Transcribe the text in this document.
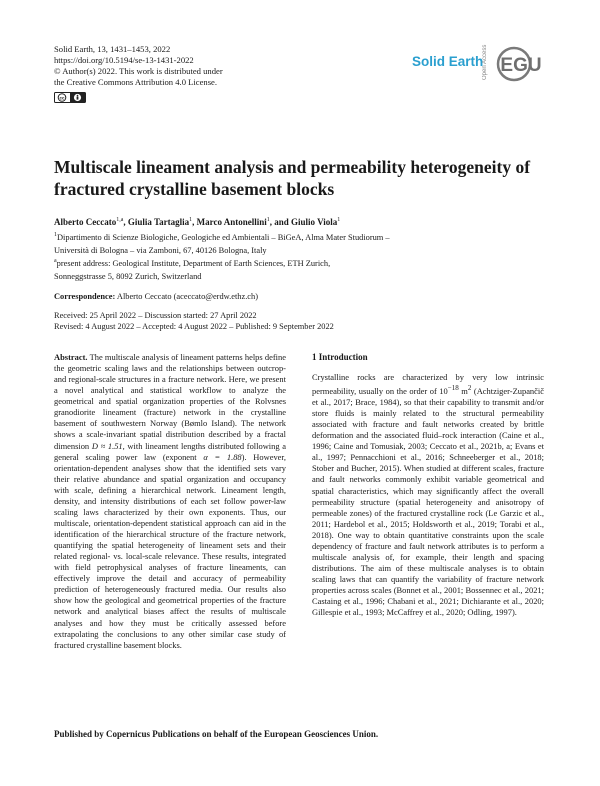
Solid Earth, 13, 1431–1453, 2022
https://doi.org/10.5194/se-13-1431-2022
© Author(s) 2022. This work is distributed under
the Creative Commons Attribution 4.0 License.
cc
Solid Earth
Open Access EGU
Multiscale lineament analysis and permeability heterogeneity of fractured crystalline basement blocks
Alberto Ceccato$^{1,a}$, Giulia Tartaglia$^1$, Marco Antonellini$^1$, and Giulio Viola$^1$
$^1$Dipartimento di Scienze Biologiche, Geologiche ed Ambientali – BiGeA, Alma Mater Studiorum –
Università di Bologna – via Zamboni, 67, 40126 Bologna, Italy
$^a$present address: Geological Institute, Department of Earth Sciences, ETH Zurich,
Sonneggstrasse 5, 8092 Zurich, Switzerland
Correspondence: Alberto Ceccato (aceccato@erdw.ethz.ch)
Received: 25 April 2022 – Discussion started: 27 April 2022
Revised: 4 August 2022 – Accepted: 4 August 2022 – Published: 9 September 2022

Abstract. The multiscale analysis of lineament patterns helps define the geometric scaling laws and the relationships between outcrop- and regional-scale structures in a fracture network. Here, we present a novel analytical and statistical workflow to analyze the geometrical and spatial organization properties of the Rolvsnes granodiorite lineament (fracture) network in the crystalline basement of southwestern Norway (Bømlo Island). The network shows a scale-invariant spatial distribution described by a fractal dimension D ≈ 1.51, with lineament lengths distributed following a general scaling power law (exponent α = 1.88). However, orientation-dependent analyses show that the identified sets vary their relative abundance and spatial organization and occupancy with scale, defining a hierarchical network. Lineament length, density, and intensity distributions of each set follow power-law scaling laws characterized by their own exponents. Thus, our multiscale, orientation-dependent statistical approach can aid in the identification of the hierarchical structure of the fracture network, quantifying the spatial heterogeneity of lineament sets and their related regional- vs. local-scale relevance. These results, integrated with field petrophysical analyses of fracture lineaments, can effectively improve the detail and accuracy of permeability prediction of heterogeneously fractured media. Our results also show how the geological and geometrical properties of the fracture network and analytical biases affect the results of multiscale analyses and how they must be critically assessed before extrapolating the conclusions to any other similar case study of fractured crystalline basement blocks.

1 Introduction

Crystalline rocks are characterized by very low intrinsic permeability, usually on the order of $10^{-18}$ $m^2$ (Achtziger-Zupančič et al., 2017; Brace, 1984), so that their capability to transmit and/or store fluids is mainly related to the structural permeability associated with fracture and fault networks created by brittle deformation and the associated fluid–rock interaction (Caine et al., 1996; Caine and Tomusiak, 2003; Ceccato et al., 2021b, a; Evans et al., 1997; Pennacchioni et al., 2016; Schneeberger et al., 2018; Stober and Bucher, 2015). When studied at different scales, fracture and fault networks commonly exhibit variable geometrical and spatial characteristics, which may significantly affect the overall permeability structure (spatial heterogeneity and anisotropy of permeable zones) of the fractured crystalline rock (Le Garzic et al., 2011; Hardebol et al., 2015; Holdsworth et al., 2019; Torabi et al., 2018). One way to obtain quantitative constraints upon the scale dependency of fracture and fault network attributes is to perform a multiscale analysis of, for example, their length and spacing distributions. The aim of these multiscale analyses is to obtain scaling laws that can quantify the variability of fracture network properties across scales (Bonnet et al., 2001; Bossennec et al., 2021; Castaing et al., 1996; Chabani et al., 2021; Dichiarante et al., 2020; Gillespie et al., 1993; McCaffrey et al., 2020; Odling, 1997).

Published by Copernicus Publications on behalf of the European Geosciences Union.
